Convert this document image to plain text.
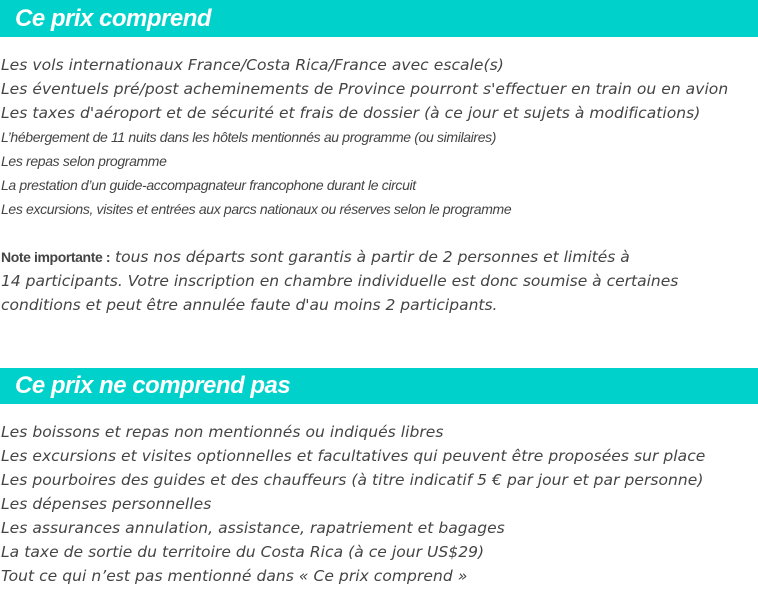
Ce prix comprend
Les vols internationaux France/Costa Rica/France avec escale(s)
Les éventuels pré/post acheminements de Province pourront s'effectuer en train ou en avion
Les taxes d'aéroport et de sécurité et frais de dossier (à ce jour et sujets à modifications)
L’hébergement de 11 nuits dans les hôtels mentionnés au programme (ou similaires)
Les repas selon programme
La prestation d’un guide-accompagnateur francophone durant le circuit
Les excursions, visites et entrées aux parcs nationaux ou réserves selon le programme
Note importante : tous nos départs sont garantis à partir de 2 personnes et limités à
14 participants. Votre inscription en chambre individuelle est donc soumise à certaines
conditions et peut être annulée faute d'au moins 2 participants.
Ce prix ne comprend pas
Les boissons et repas non mentionnés ou indiqués libres
Les excursions et visites optionnelles et facultatives qui peuvent être proposées sur place
Les pourboires des guides et des chauffeurs (à titre indicatif 5 € par jour et par personne)
Les dépenses personnelles
Les assurances annulation, assistance, rapatriement et bagages
La taxe de sortie du territoire du Costa Rica (à ce jour US$29)
Tout ce qui n’est pas mentionné dans « Ce prix comprend »
